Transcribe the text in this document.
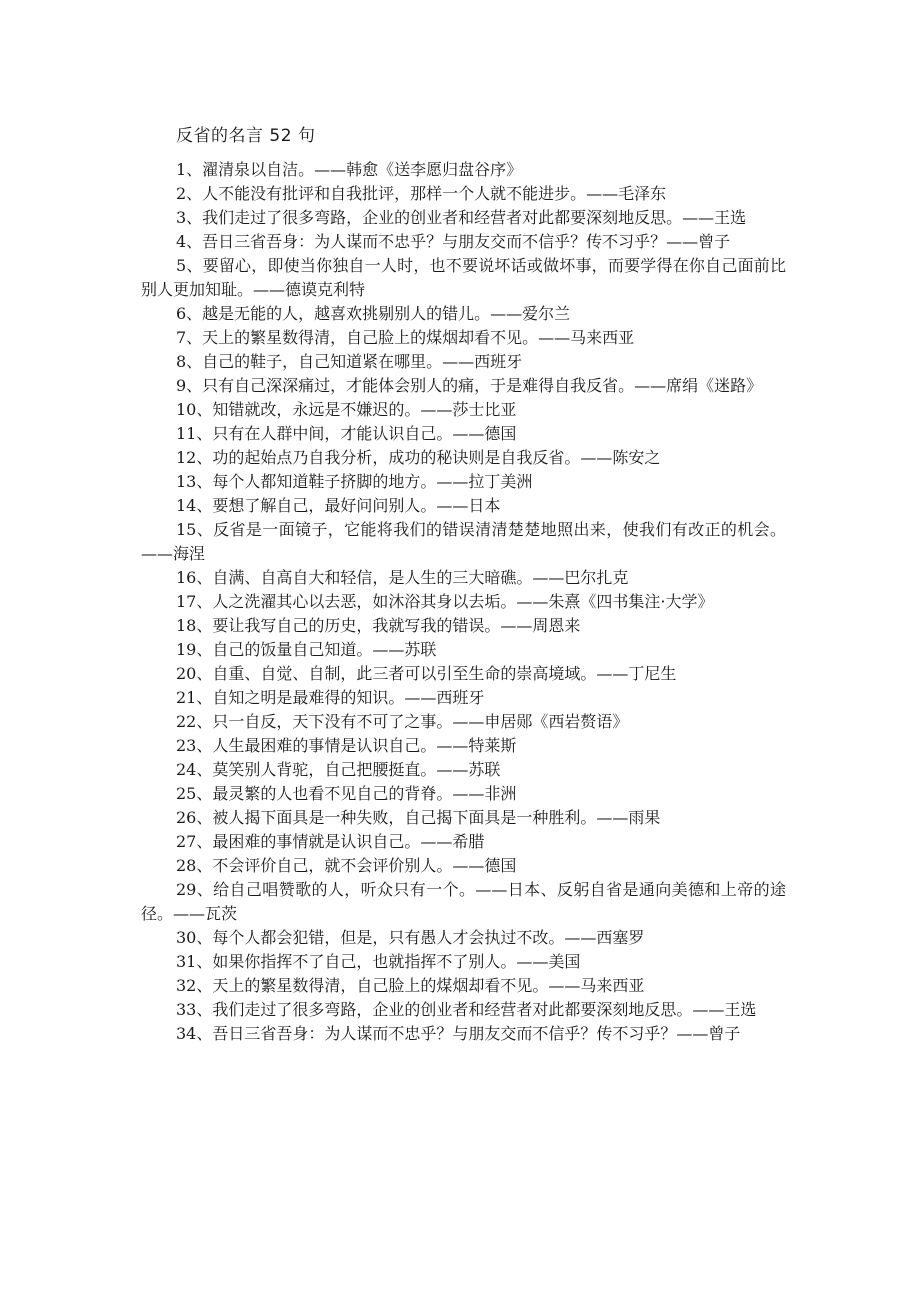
反省的名言 52 句

1、濯清泉以自洁。——韩愈《送李愿归盘谷序》

2、人不能没有批评和自我批评，那样一个人就不能进步。——毛泽东

3、我们走过了很多弯路，企业的创业者和经营者对此都要深刻地反思。——王选

4、吾日三省吾身：为人谋而不忠乎？与朋友交而不信乎？传不习乎？——曾子

5、要留心，即使当你独自一人时，也不要说坏话或做坏事，而要学得在你自己面前比别人更加知耻。——德谟克利特

6、越是无能的人，越喜欢挑剔别人的错儿。——爱尔兰

7、天上的繁星数得清，自己脸上的煤烟却看不见。——马来西亚

8、自己的鞋子，自己知道紧在哪里。——西班牙

9、只有自己深深痛过，才能体会别人的痛，于是难得自我反省。——席绢《迷路》

10、知错就改，永远是不嫌迟的。——莎士比亚

11、只有在人群中间，才能认识自己。——德国

12、功的起始点乃自我分析，成功的秘诀则是自我反省。——陈安之

13、每个人都知道鞋子挤脚的地方。——拉丁美洲

14、要想了解自己，最好问问别人。——日本

15、反省是一面镜子，它能将我们的错误清清楚楚地照出来，使我们有改正的机会。——海涅

16、自满、自高自大和轻信，是人生的三大暗礁。——巴尔扎克

17、人之洗濯其心以去恶，如沐浴其身以去垢。——朱熹《四书集注·大学》

18、要让我写自己的历史，我就写我的错误。——周恩来

19、自己的饭量自己知道。——苏联

20、自重、自觉、自制，此三者可以引至生命的崇高境域。——丁尼生

21、自知之明是最难得的知识。——西班牙

22、只一自反，天下没有不可了之事。——申居郧《西岩赘语》

23、人生最困难的事情是认识自己。——特莱斯

24、莫笑别人背驼，自己把腰挺直。——苏联

25、最灵繁的人也看不见自己的背脊。——非洲

26、被人揭下面具是一种失败，自己揭下面具是一种胜利。——雨果

27、最困难的事情就是认识自己。——希腊

28、不会评价自己，就不会评价别人。——德国

29、给自己唱赞歌的人，听众只有一个。——日本、反躬自省是通向美德和上帝的途径。——瓦茨

30、每个人都会犯错，但是，只有愚人才会执过不改。——西塞罗

31、如果你指挥不了自己，也就指挥不了别人。——美国

32、天上的繁星数得清，自己脸上的煤烟却看不见。——马来西亚

33、我们走过了很多弯路，企业的创业者和经营者对此都要深刻地反思。——王选

34、吾日三省吾身：为人谋而不忠乎？与朋友交而不信乎？传不习乎？——曾子
